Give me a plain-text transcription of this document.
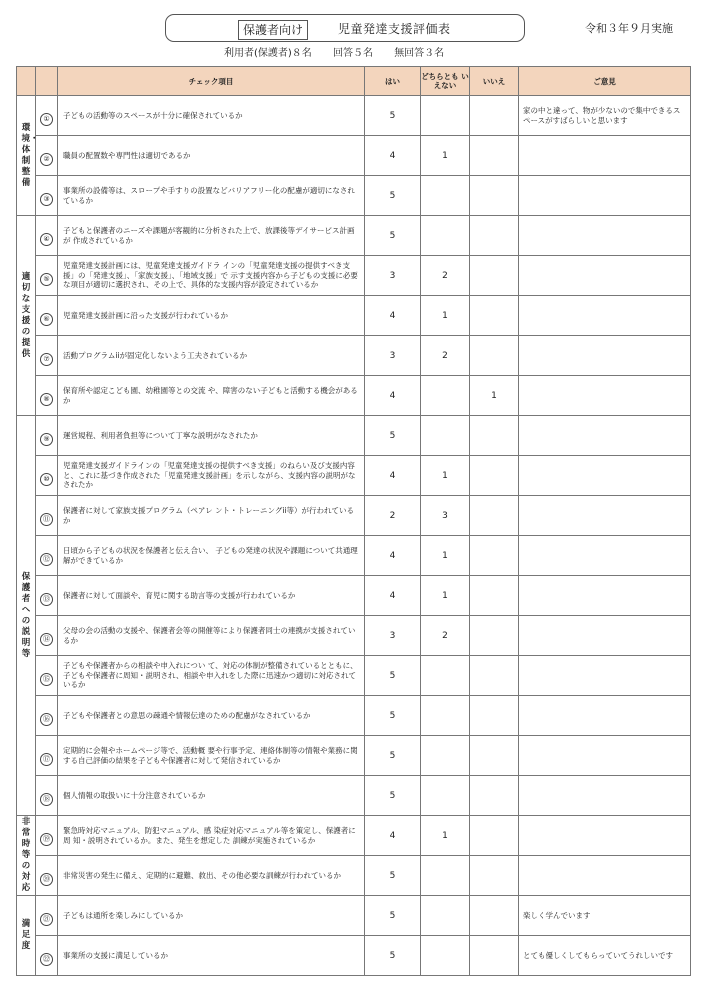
保護者向け	児童発達支援評価表	令和３年９月実施
利用者(保護者)８名 回答５名 無回答３名
		チェック項目	はい	どちらとも いえない	いいえ	ご意見
環境・体制整備	①	子どもの活動等のスペースが十分に確保されているか	5			家の中と違って、物が少ないので集中できるスペースがすばらしいと思います
	②	職員の配置数や専門性は適切であるか	4	1		
	③	事業所の設備等は、スロープや手すりの設置などバリアフリー化の配慮が適切になされているか	5			
適切な支援の提供	④	子どもと保護者のニーズや課題が客観的に分析された上で、放課後等デイサービス計画が 作成されているか	5			
	⑤	児童発達支援計画には、児童発達支援ガイドラ インの「児童発達支援の提供すべき支援」の「発達支援」、「家族支援」、「地域支援」で 示す支援内容から子どもの支援に必要な項目が適切に選択され、その上で、具体的な支援内容が設定されているか	3	2		
	⑥	児童発達支援計画に沿った支援が行われているか	4	1		
	⑦	活動プログラムiiが固定化しないよう工夫されているか	3	2		
	⑧	保育所や認定こども園、幼稚園等との交流 や、障害のない子どもと活動する機会がある か	4		1	
保護者への説明等	⑨	運営規程、利用者負担等について丁寧な説明がなされたか	5			
	⑩	児童発達支援ガイドラインの「児童発達支援の提供すべき支援」のねらい及び支援内容と、これに基づき作成された「児童発達支援計画」を示しながら、支援内容の説明がなされたか	4	1		
	⑪	保護者に対して家族支援プログラム（ペアレ ント・トレーニングii等）が行われているか	2	3		
	⑫	日頃から子どもの状況を保護者と伝え合い、 子どもの発達の状況や課題について共通理解ができているか	4	1		
	⑬	保護者に対して面談や、育児に関する助言等の支援が行われているか	4	1		
	⑭	父母の会の活動の支援や、保護者会等の開催等により保護者同士の連携が支援されているか	3	2		
	⑮	子どもや保護者からの相談や申入れについ て、対応の体制が整備されているとともに、子どもや保護者に周知・説明され、相談や申入れをした際に迅速かつ適切に対応されているか	5			
	⑯	子どもや保護者との意思の疎通や情報伝達のための配慮がなされているか	5			
	⑰	定期的に会報やホームページ等で、活動概 要や行事予定、連絡体制等の情報や業務に関する自己評価の結果を子どもや保護者に対して発信されているか	5			
	⑱	個人情報の取扱いに十分注意されているか	5			
非常時等の対応	⑲	緊急時対応マニュアル、防犯マニュアル、感 染症対応マニュアル等を策定し、保護者に周 知・説明されているか。また、発生を想定した 訓練が実施されているか	4	1		
	⑳	非常災害の発生に備え、定期的に避難、救出、その他必要な訓練が行われているか	5			
満足度	㉑	子どもは通所を楽しみにしているか	5			楽しく学んでいます
	㉒	事業所の支援に満足しているか	5			とても優しくしてもらっていてうれしいです
